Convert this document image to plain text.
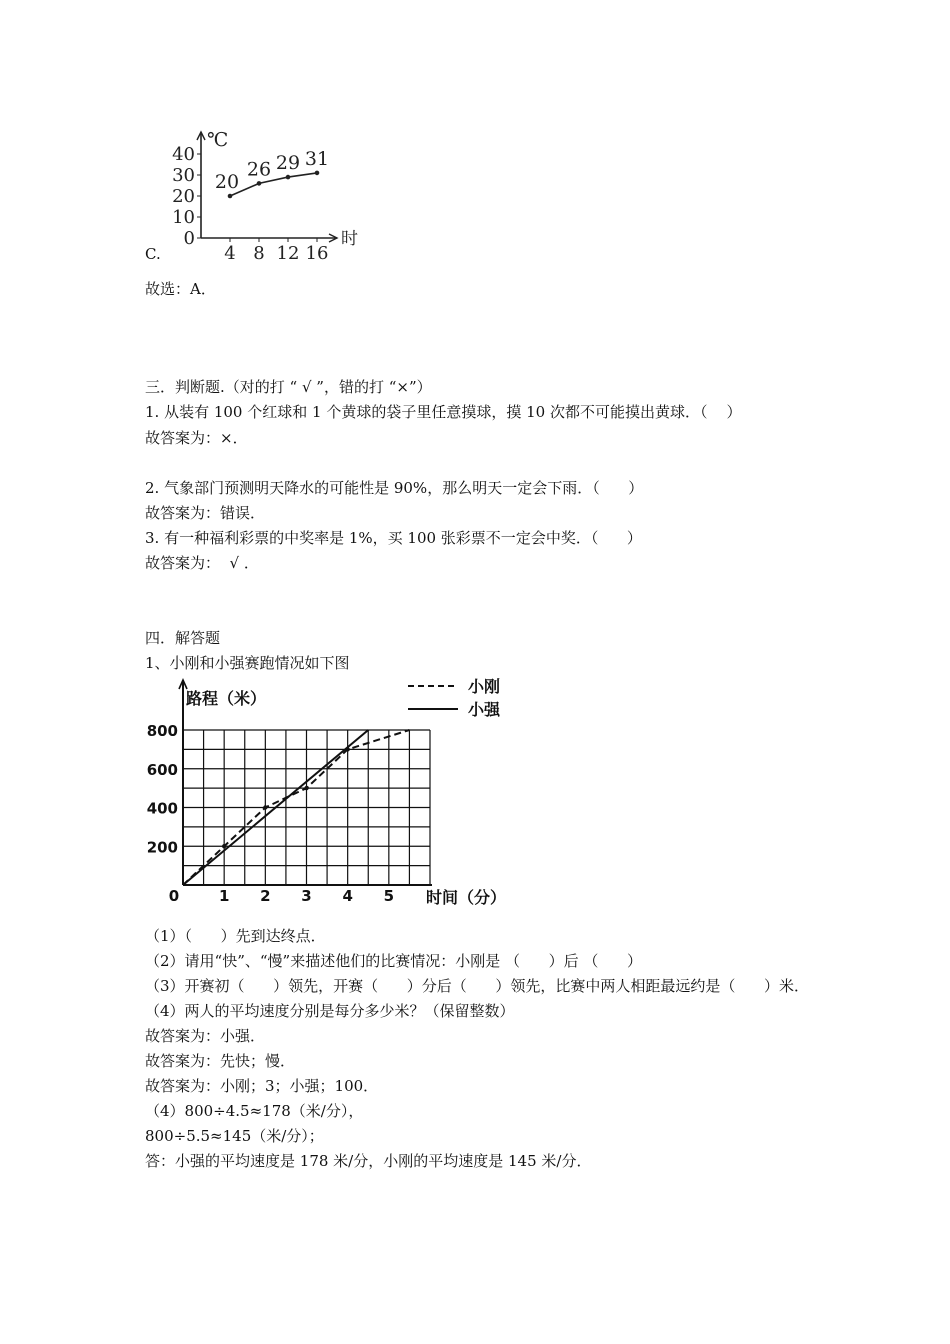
℃
时
0
10
20
30
40
4 8 12 16
20
26 29 31
C.
故选：A．
三．判断题.（对的打 “ √ ”，错的打 “×”）
1. 从装有 100 个红球和 1 个黄球的袋子里任意摸球，摸 10 次都不可能摸出黄球．（    ）
故答案为：×．
2. 气象部门预测明天降水的可能性是 90%，那么明天一定会下雨．（      ）
故答案为：错误．
3. 有一种福利彩票的中奖率是 1%，买 100 张彩票不一定会中奖．（      ）
故答案为：  √ ．
四．解答题
1、小刚和小强赛跑情况如下图
路程（米）
时间（分）
200
400
600
800
0	1 2 3 4 5
小刚
小强
（1）（      ）先到达终点．
（2）请用“快”、“慢”来描述他们的比赛情况：小刚是 （      ）后 （      ）
（3）开赛初（      ）领先，开赛（      ）分后（      ）领先，比赛中两人相距最远约是（      ）米．
（4）两人的平均速度分别是每分多少米？（保留整数）
故答案为：小强．
故答案为：先快；慢．
故答案为：小刚；3；小强；100．
（4）800÷4.5≈178（米/分），
800÷5.5≈145（米/分）；
答：小强的平均速度是 178 米/分，小刚的平均速度是 145 米/分．
